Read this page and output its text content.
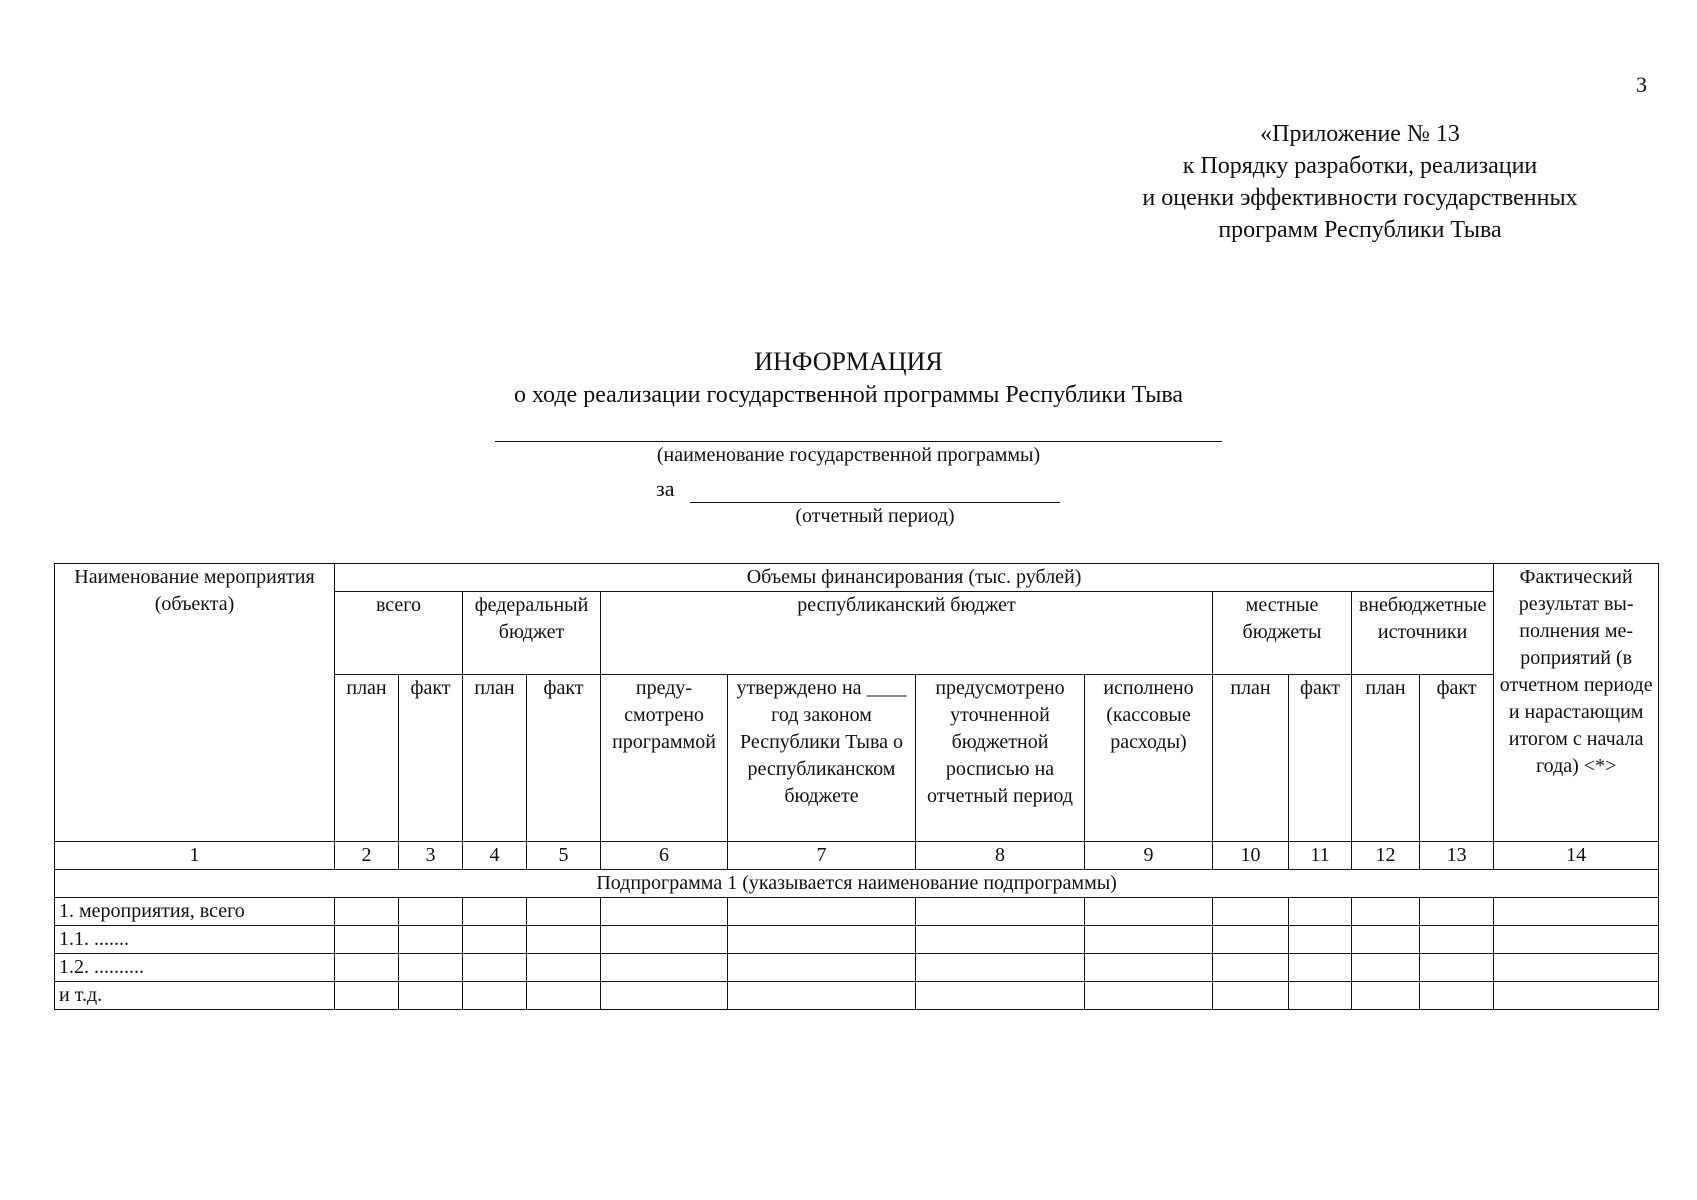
3
«Приложение № 13
к Порядку разработки, реализации
и оценки эффективности государственных
программ Республики Тыва
ИНФОРМАЦИЯ
о ходе реализации государственной программы Республики Тыва
(наименование государственной программы)
за
(отчетный период)
Наименование мероприятия (объекта)	Объемы финансирования (тыс. рублей)												Фактический результат выполнения мероприятий (в отчетном периоде и нарастающим итогом с начала года) <*>
	всего		федеральный бюджет		республиканский бюджет				местные бюджеты		внебюджетные источники		
	план	факт	план	факт	предусмотрено программой	утверждено на ____ год законом Республики Тыва о республиканском бюджете	предусмотрено уточненной бюджетной росписью на отчетный период	исполнено (кассовые расходы)	план	факт	план	факт	
1	2	3	4	5	6	7	8	9	10	11	12	13	14
Подпрограмма 1 (указывается наименование подпрограммы)													
1. мероприятия, всего													
1.1. .......													
1.2. ..........													
и т.д.													
